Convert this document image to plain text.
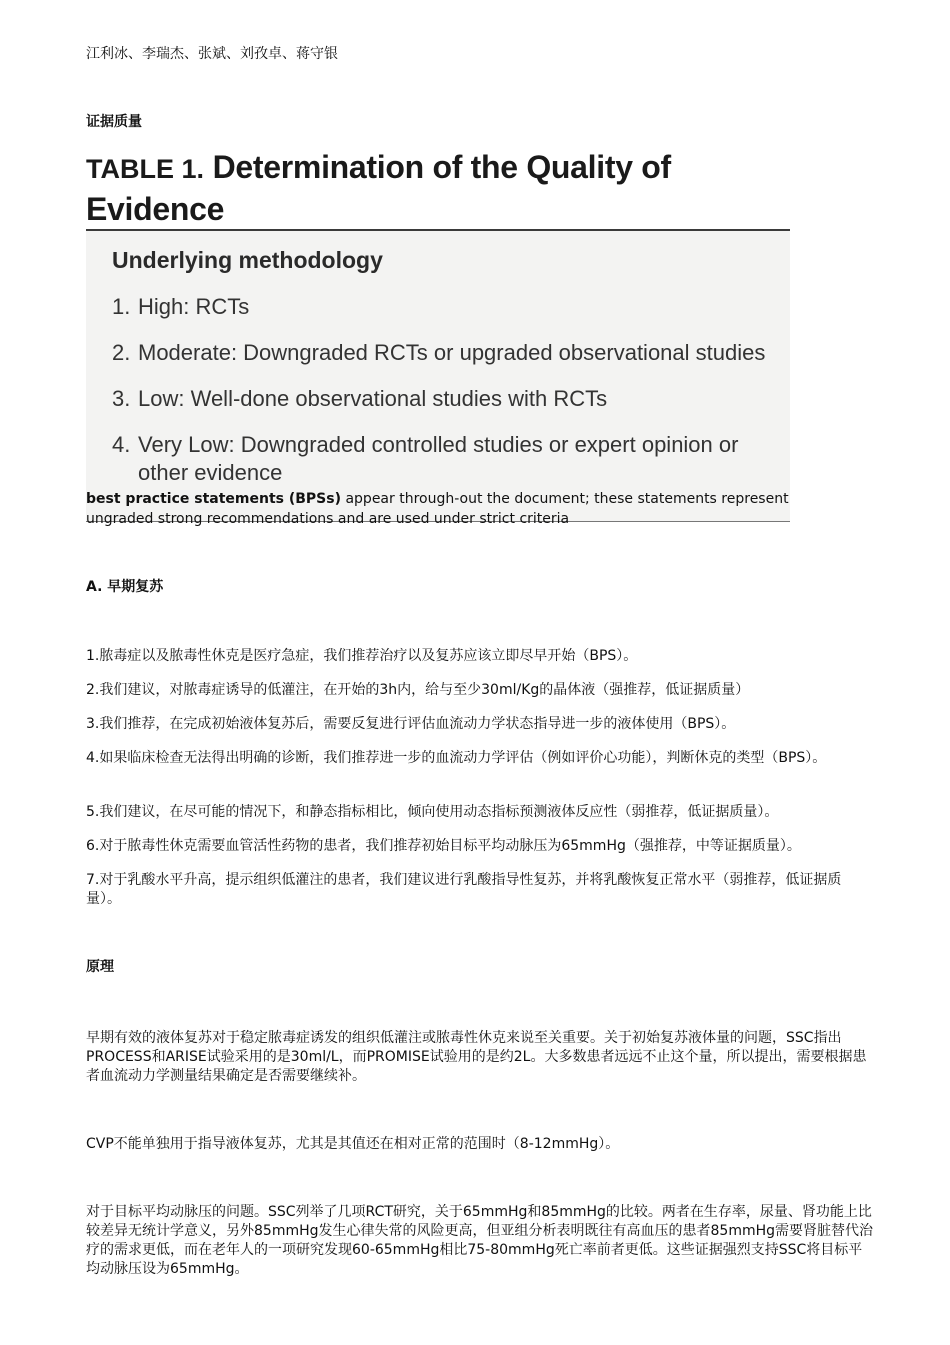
江利冰、李瑞杰、张斌、刘孜卓、蒋守银
证据质量
TABLE 1. Determination of the Quality of Evidence
Underlying methodology
1. High: RCTs
2. Moderate: Downgraded RCTs or upgraded observational studies
3. Low: Well-done observational studies with RCTs
4. Very Low: Downgraded controlled studies or expert opinion or other evidence
best practice statements (BPSs) appear through-out the document; these statements represent ungraded strong recommendations and are used under strict criteria
A. 早期复苏
1.脓毒症以及脓毒性休克是医疗急症，我们推荐治疗以及复苏应该立即尽早开始（BPS）。
2.我们建议，对脓毒症诱导的低灌注，在开始的3h内，给与至少30ml/Kg的晶体液（强推荐，低证据质量）
3.我们推荐，在完成初始液体复苏后，需要反复进行评估血流动力学状态指导进一步的液体使用（BPS）。
4.如果临床检查无法得出明确的诊断，我们推荐进一步的血流动力学评估（例如评价心功能），判断休克的类型（BPS）。
5.我们建议，在尽可能的情况下，和静态指标相比，倾向使用动态指标预测液体反应性（弱推荐，低证据质量）。
6.对于脓毒性休克需要血管活性药物的患者，我们推荐初始目标平均动脉压为65mmHg（强推荐，中等证据质量）。
7.对于乳酸水平升高，提示组织低灌注的患者，我们建议进行乳酸指导性复苏，并将乳酸恢复正常水平（弱推荐，低证据质量）。
原理
早期有效的液体复苏对于稳定脓毒症诱发的组织低灌注或脓毒性休克来说至关重要。关于初始复苏液体量的问题，SSC指出PROCESS和ARISE试验采用的是30ml/L，而PROMISE试验用的是约2L。大多数患者远远不止这个量，所以提出，需要根据患者血流动力学测量结果确定是否需要继续补。
CVP不能单独用于指导液体复苏，尤其是其值还在相对正常的范围时（8-12mmHg）。
对于目标平均动脉压的问题。SSC列举了几项RCT研究，关于65mmHg和85mmHg的比较。两者在生存率，尿量、肾功能上比较差异无统计学意义，另外85mmHg发生心律失常的风险更高，但亚组分析表明既往有高血压的患者85mmHg需要肾脏替代治疗的需求更低，而在老年人的一项研究发现60-65mmHg相比75-80mmHg死亡率前者更低。这些证据强烈支持SSC将目标平均动脉压设为65mmHg。
